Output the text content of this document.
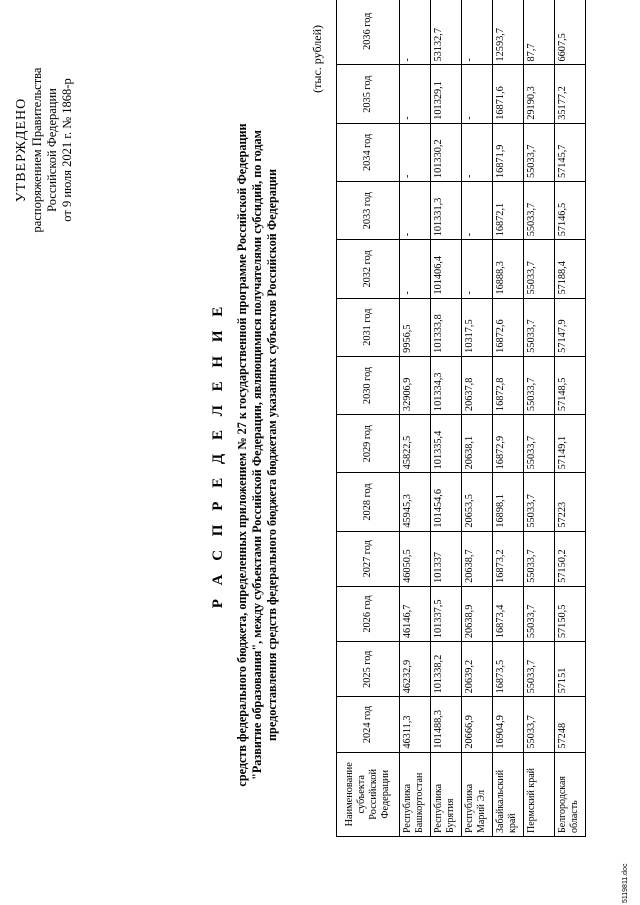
УТВЕРЖДЕНО распоряжением Правительства Российской Федерации от 9 июля 2021 г. № 1868-р
Р А С П Р Е Д Е Л Е Н И Е средств федерального бюджета, определенных приложением № 27 к государственной программе Российской Федерации "Развитие образования", между субъектами Российской Федерации, являющимися получателями субсидий, по годам предоставления средств федерального бюджета бюджетам указанных субъектов Российской Федерации
(тыс. рублей)
Наименование субъекта Российской Федерации	2024 год	2025 год	2026 год	2027 год	2028 год	2029 год	2030 год	2031 год	2032 год	2033 год	2034 год	2035 год	2036 год
Республика Башкортостан	46311,3	46232,9	46146,7	46050,5	45945,3	45822,5	32906,9	9956,5	-	-	-	-	-
Республика Бурятия	101488,3	101338,2	101337,5	101337	101454,6	101335,4	101334,3	101333,8	101406,4	101331,3	101330,2	101329,1	53132,7
Республика Марий Эл	20666,9	20639,2	20638,9	20638,7	20653,5	20638,1	20637,8	10317,5	-	-	-	-	-
Забайкальский край	16904,9	16873,5	16873,4	16873,2	16898,1	16872,9	16872,8	16872,6	16888,3	16872,1	16871,9	16871,6	12593,7
Пермский край	55033,7	55033,7	55033,7	55033,7	55033,7	55033,7	55033,7	55033,7	55033,7	55033,7	55033,7	29190,3	87,7
Белгородская область	57248	57151	57150,5	57150,2	57223	57149,1	57148,5	57147,9	57188,4	57146,5	57145,7	35177,2	6607,5
5119811.doc
